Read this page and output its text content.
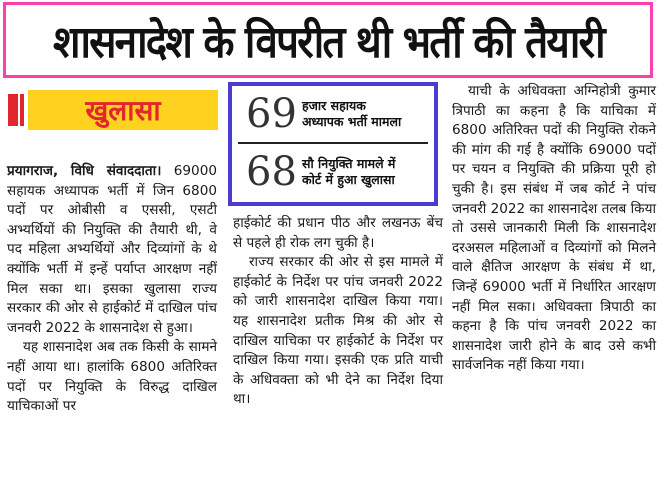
शासनादेश के विपरीत थी भर्ती की तैयारी
खुलासा 69 हजार सहायक
अध्यापक भर्ती मामला
68 सौ नियुक्ति मामले में
कोर्ट में हुआ खुलासा

प्रयागराज, विधि संवाददाता। 69000 सहायक अध्यापक भर्ती में जिन 6800 पदों पर ओबीसी व एससी, एसटी अभ्यर्थियों की नियुक्ति की तैयारी थी, वे पद महिला अभ्यर्थियों और दिव्यांगों के थे क्योंकि भर्ती में इन्हें पर्याप्त आरक्षण नहीं मिल सका था। इसका खुलासा राज्य सरकार की ओर से हाईकोर्ट में दाखिल पांच जनवरी 2022 के शासनादेश से हुआ।

यह शासनादेश अब तक किसी के सामने नहीं आया था। हालांकि 6800 अतिरिक्त पदों पर नियुक्ति के विरुद्ध दाखिल याचिकाओं पर

हाईकोर्ट की प्रधान पीठ और लखनऊ बेंच से पहले ही रोक लग चुकी है।

राज्य सरकार की ओर से इस मामले में हाईकोर्ट के निर्देश पर पांच जनवरी 2022 को जारी शासनादेश दाखिल किया गया। यह शासनादेश प्रतीक मिश्र की ओर से दाखिल याचिका पर हाईकोर्ट के निर्देश पर दाखिल किया गया। इसकी एक प्रति याची के अधिवक्ता को भी देने का निर्देश दिया था।

याची के अधिवक्ता अग्निहोत्री कुमार त्रिपाठी का कहना है कि याचिका में 6800 अतिरिक्त पदों की नियुक्ति रोकने की मांग की गई है क्योंकि 69000 पदों पर चयन व नियुक्ति की प्रक्रिया पूरी हो चुकी है। इस संबंध में जब कोर्ट ने पांच जनवरी 2022 का शासनादेश तलब किया तो उससे जानकारी मिली कि शासनादेश दरअसल महिलाओं व दिव्यांगों को मिलने वाले क्षैतिज आरक्षण के संबंध में था, जिन्हें 69000 भर्ती में निर्धारित आरक्षण नहीं मिल सका। अधिवक्ता त्रिपाठी का कहना है कि पांच जनवरी 2022 का शासनादेश जारी होने के बाद उसे कभी सार्वजनिक नहीं किया गया।
